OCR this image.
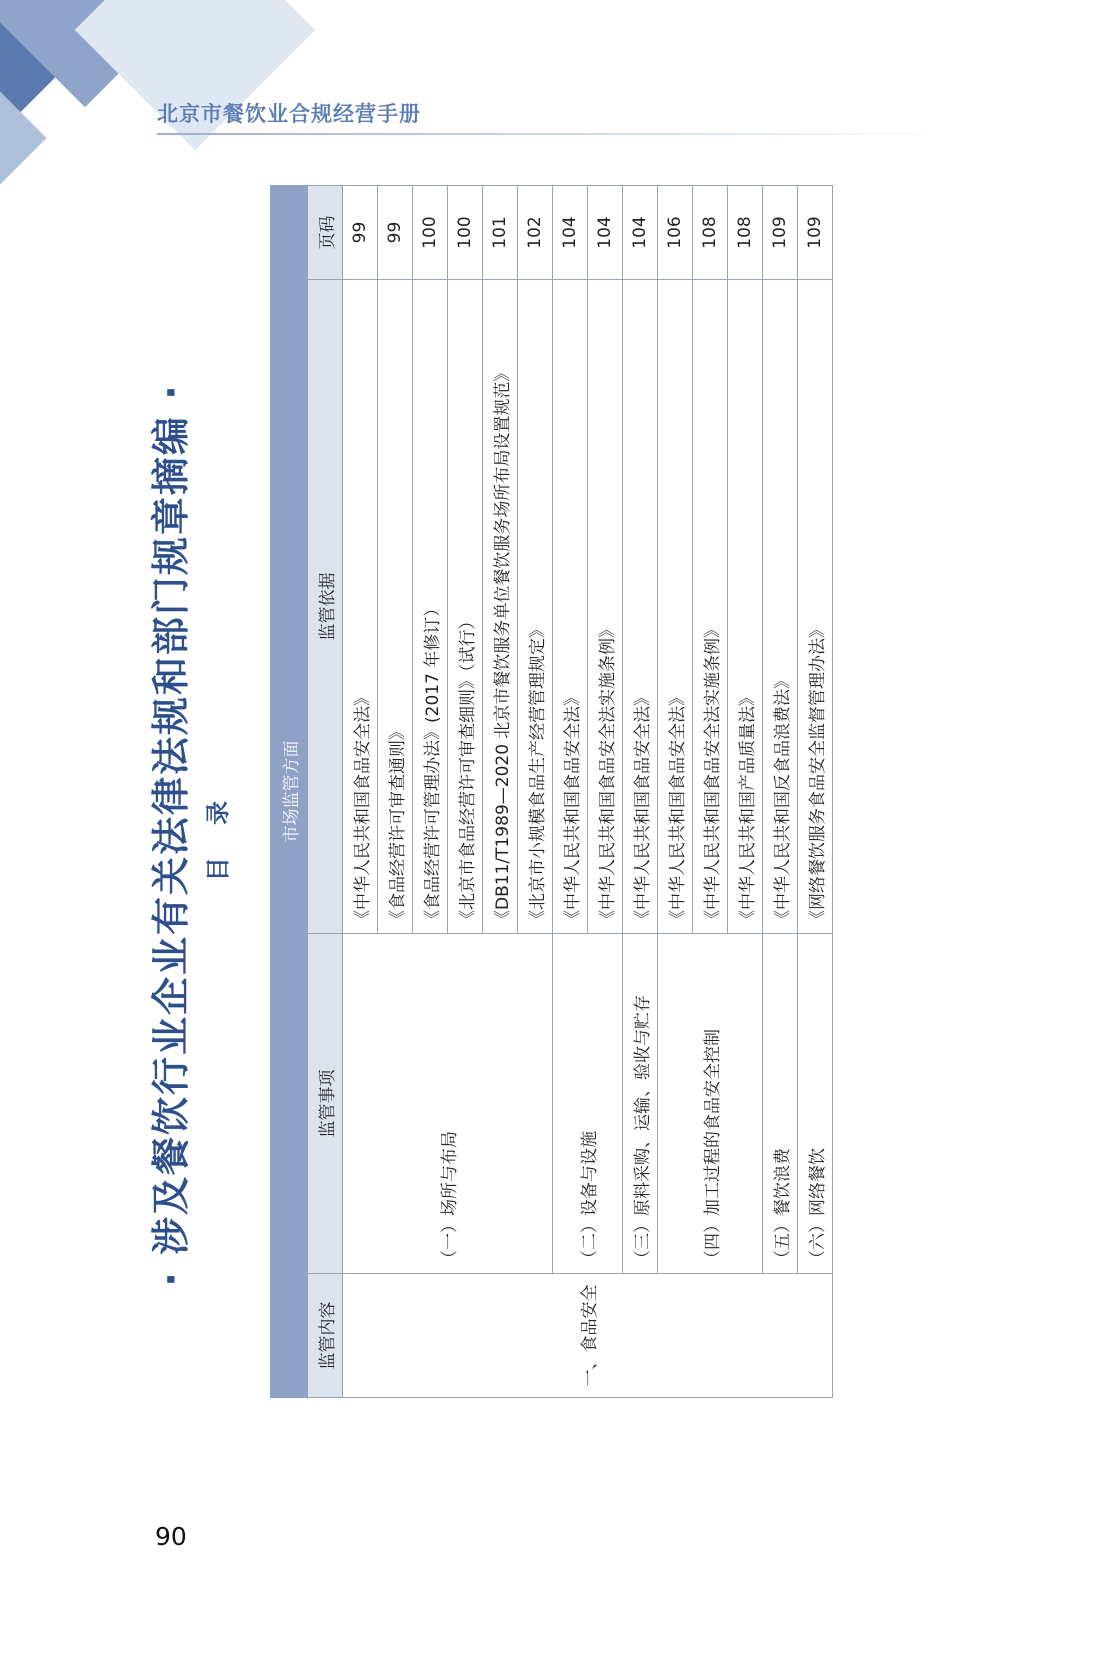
北京市餐饮业合规经营手册
· 涉及餐饮行业企业有关法律法规和部门规章摘编 · 目 录	市场监管方面			
监管内容	监管事项	监管依据	页码
一、食品安全	（一）场所与布局	《中华人民共和国食品安全法》	99
		《食品经营许可审查通则》	99
		《食品经营许可管理办法》(2017 年修订）	100
		《北京市食品经营许可审查细则》（试行）	100
		《DB11/T1989—2020 北京市餐饮服务单位餐饮服务场所布局设置规范》	101
		《北京市小规模食品生产经营管理规定》	102
	（二）设备与设施	《中华人民共和国食品安全法》	104
		《中华人民共和国食品安全法实施条例》	104
	（三）原料采购、运输、验收与贮存	《中华人民共和国食品安全法》	104
	（四）加工过程的食品安全控制	《中华人民共和国食品安全法》	106
		《中华人民共和国食品安全法实施条例》	108
		《中华人民共和国产品质量法》	108
	（五）餐饮浪费	《中华人民共和国反食品浪费法》	109
	（六）网络餐饮	《网络餐饮服务食品安全监督管理办法》	109
90
